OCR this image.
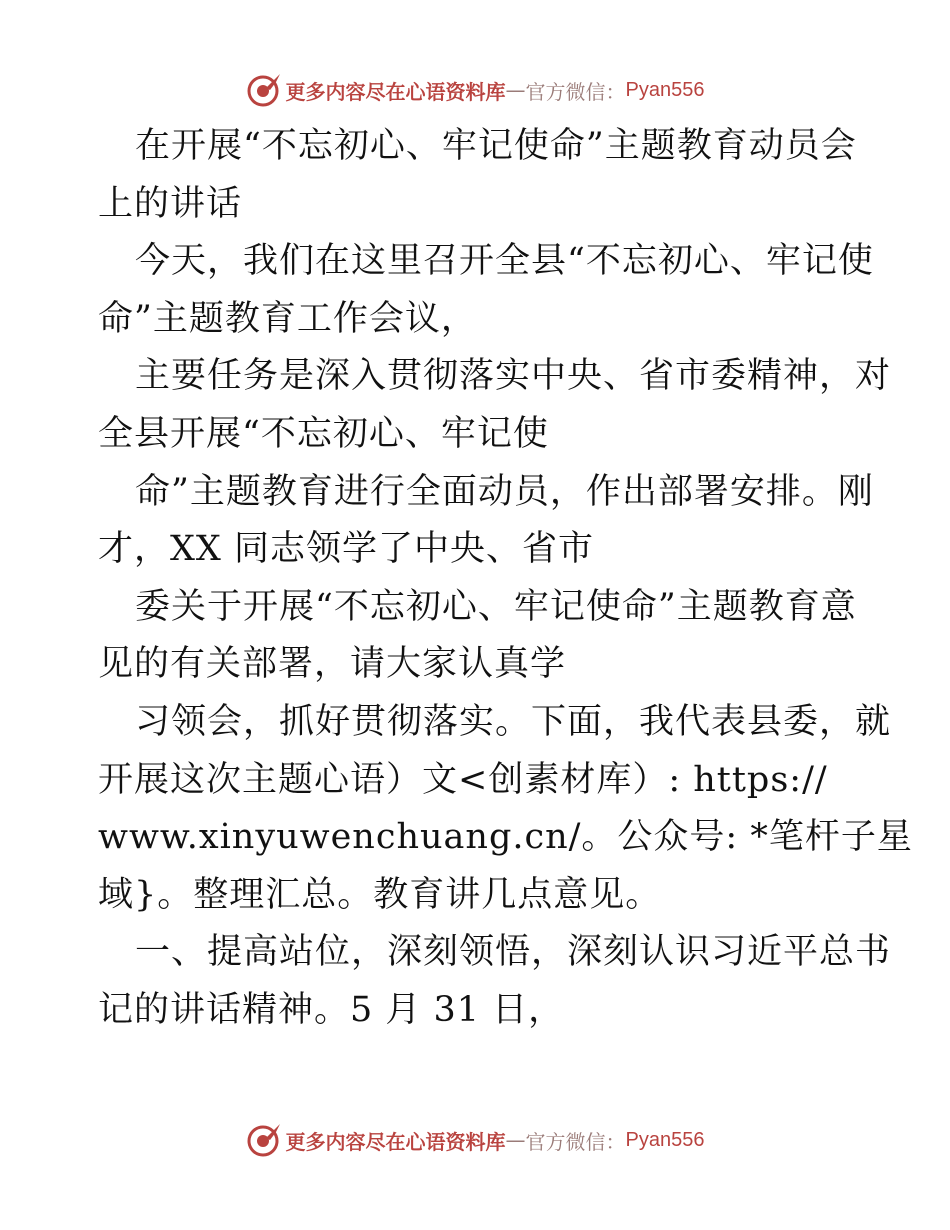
更多内容尽在心语资料库 — 官方微信： Pyan556
在开展“不忘初心、牢记使命”主题教育动员会
上的讲话
今天，我们在这里召开全县“不忘初心、牢记使
命”主题教育工作会议，
主要任务是深入贯彻落实中央、省市委精神，对
全县开展“不忘初心、牢记使
命”主题教育进行全面动员，作出部署安排。刚
才，XX 同志领学了中央、省市
委关于开展“不忘初心、牢记使命”主题教育意
见的有关部署，请大家认真学
习领会，抓好贯彻落实。下面，我代表县委，就
开展这次主题心语）文<创素材库）: https://
www.xinyuwenchuang.cn/。公众号: *笔杆子星
域}。整理汇总。教育讲几点意见。
一、提高站位，深刻领悟，深刻认识习近平总书
记的讲话精神。5 月 31 日，
更多内容尽在心语资料库 — 官方微信： Pyan556
